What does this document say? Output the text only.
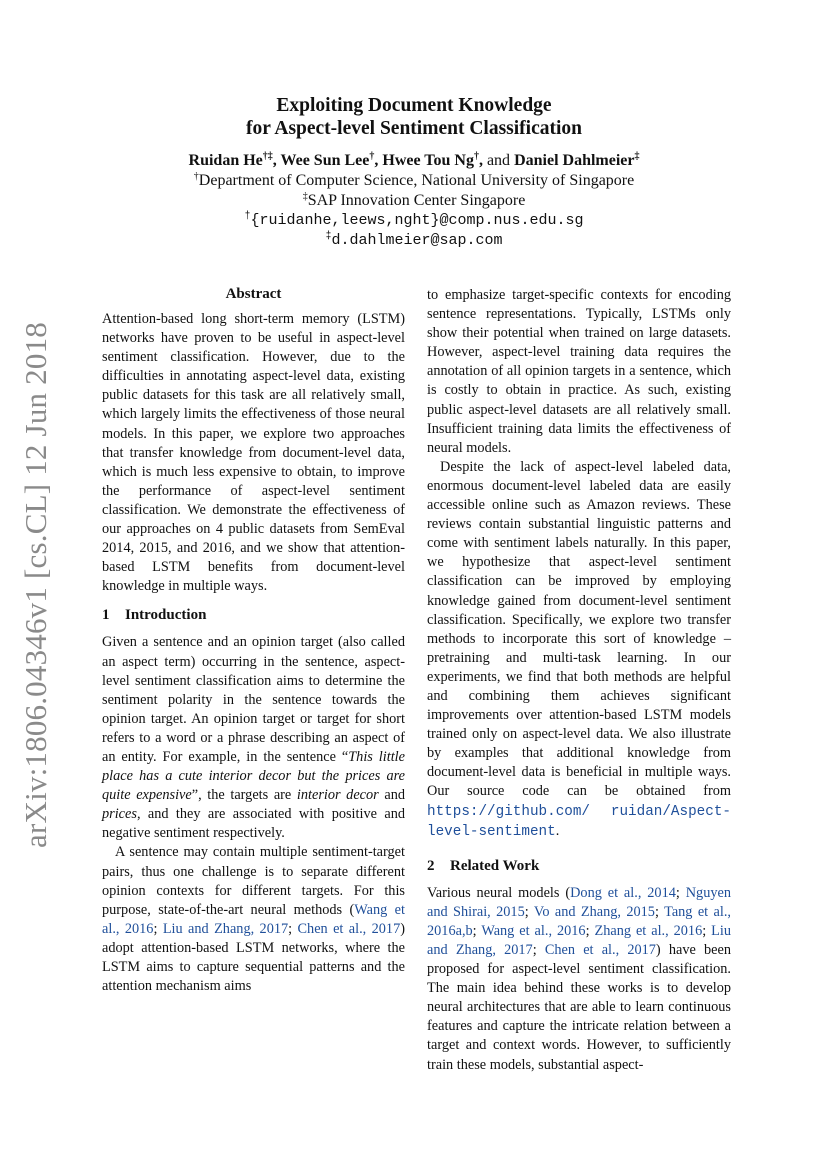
arXiv:1806.04346v1 [cs.CL] 12 Jun 2018
Exploiting Document Knowledge
for Aspect-level Sentiment Classification
Ruidan He†‡, Wee Sun Lee†, Hwee Tou Ng†, and Daniel Dahlmeier‡
†Department of Computer Science, National University of Singapore
‡SAP Innovation Center Singapore
†{ruidanhe,leews,nght}@comp.nus.edu.sg
‡d.dahlmeier@sap.com
Abstract

Attention-based long short-term memory (LSTM) networks have proven to be useful in aspect-level sentiment classification. However, due to the difficulties in annotating aspect-level data, existing public datasets for this task are all relatively small, which largely limits the effectiveness of those neural models. In this paper, we explore two approaches that transfer knowledge from document-level data, which is much less expensive to obtain, to improve the performance of aspect-level sentiment classification. We demonstrate the effectiveness of our approaches on 4 public datasets from SemEval 2014, 2015, and 2016, and we show that attention-based LSTM benefits from document-level knowledge in multiple ways.

1 Introduction

Given a sentence and an opinion target (also called an aspect term) occurring in the sentence, aspect-level sentiment classification aims to determine the sentiment polarity in the sentence towards the opinion target. An opinion target or target for short refers to a word or a phrase describing an aspect of an entity. For example, in the sentence “This little place has a cute interior decor but the prices are quite expensive”, the targets are interior decor and prices, and they are associated with positive and negative sentiment respectively.

A sentence may contain multiple sentiment-target pairs, thus one challenge is to separate different opinion contexts for different targets. For this purpose, state-of-the-art neural methods (Wang et al., 2016; Liu and Zhang, 2017; Chen et al., 2017) adopt attention-based LSTM networks, where the LSTM aims to capture sequential patterns and the attention mechanism aims

to emphasize target-specific contexts for encoding sentence representations. Typically, LSTMs only show their potential when trained on large datasets. However, aspect-level training data requires the annotation of all opinion targets in a sentence, which is costly to obtain in practice. As such, existing public aspect-level datasets are all relatively small. Insufficient training data limits the effectiveness of neural models.

Despite the lack of aspect-level labeled data, enormous document-level labeled data are easily accessible online such as Amazon reviews. These reviews contain substantial linguistic patterns and come with sentiment labels naturally. In this paper, we hypothesize that aspect-level sentiment classification can be improved by employing knowledge gained from document-level sentiment classification. Specifically, we explore two transfer methods to incorporate this sort of knowledge – pretraining and multi-task learning. In our experiments, we find that both methods are helpful and combining them achieves significant improvements over attention-based LSTM models trained only on aspect-level data. We also illustrate by examples that additional knowledge from document-level data is beneficial in multiple ways. Our source code can be obtained from https://github.com/ ruidan/Aspect-level-sentiment.

2 Related Work

Various neural models (Dong et al., 2014; Nguyen and Shirai, 2015; Vo and Zhang, 2015; Tang et al., 2016a,b; Wang et al., 2016; Zhang et al., 2016; Liu and Zhang, 2017; Chen et al., 2017) have been proposed for aspect-level sentiment classification. The main idea behind these works is to develop neural architectures that are able to learn continuous features and capture the intricate relation between a target and context words. However, to sufficiently train these models, substantial aspect-
